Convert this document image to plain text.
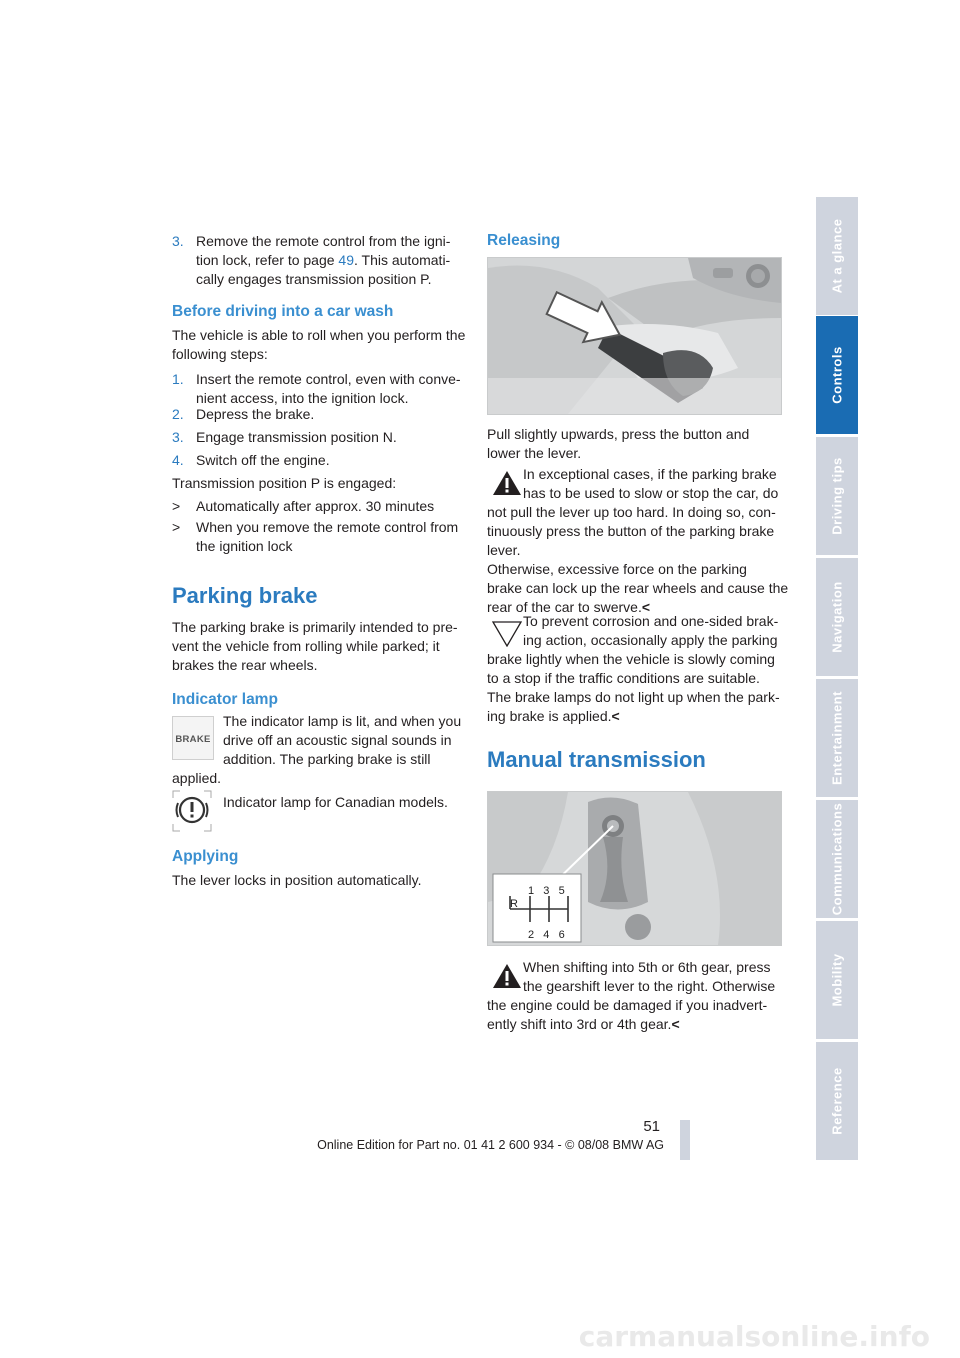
3. Remove the remote control from the igni-
tion lock, refer to page 49. This automati-
cally engages transmission position P.
Before driving into a car wash
The vehicle is able to roll when you perform the
following steps:
1. Insert the remote control, even with conve-
nient access, into the ignition lock.
2. Depress the brake.
3. Engage transmission position N.
4. Switch off the engine.
Transmission position P is engaged:
> Automatically after approx. 30 minutes
> When you remove the remote control from
the ignition lock
Parking brake
The parking brake is primarily intended to pre-
vent the vehicle from rolling while parked; it
brakes the rear wheels.
Indicator lamp
BRAKE
The indicator lamp is lit, and when you
drive off an acoustic signal sounds in
addition. The parking brake is still
applied.
Indicator lamp for Canadian models.
Applying
The lever locks in position automatically.
Releasing
Pull slightly upwards, press the button and
lower the lever.
In exceptional cases, if the parking brake
has to be used to slow or stop the car, do
not pull the lever up too hard. In doing so, con-
tinuously press the button of the parking brake
lever.
Otherwise, excessive force on the parking
brake can lock up the rear wheels and cause the
rear of the car to swerve.<
To prevent corrosion and one-sided brak-
ing action, occasionally apply the parking
brake lightly when the vehicle is slowly coming
to a stop if the traffic conditions are suitable.
The brake lamps do not light up when the park-
ing brake is applied.<
Manual transmission
1   3   5
R
2   4   6
When shifting into 5th or 6th gear, press
the gearshift lever to the right. Otherwise
the engine could be damaged if you inadvert-
ently shift into 3rd or 4th gear.<
At a glance
Controls
Driving tips
Navigation
Entertainment
Communications
Mobility
Reference
51
Online Edition for Part no. 01 41 2 600 934 - © 08/08 BMW AG
carmanualsonline.info
